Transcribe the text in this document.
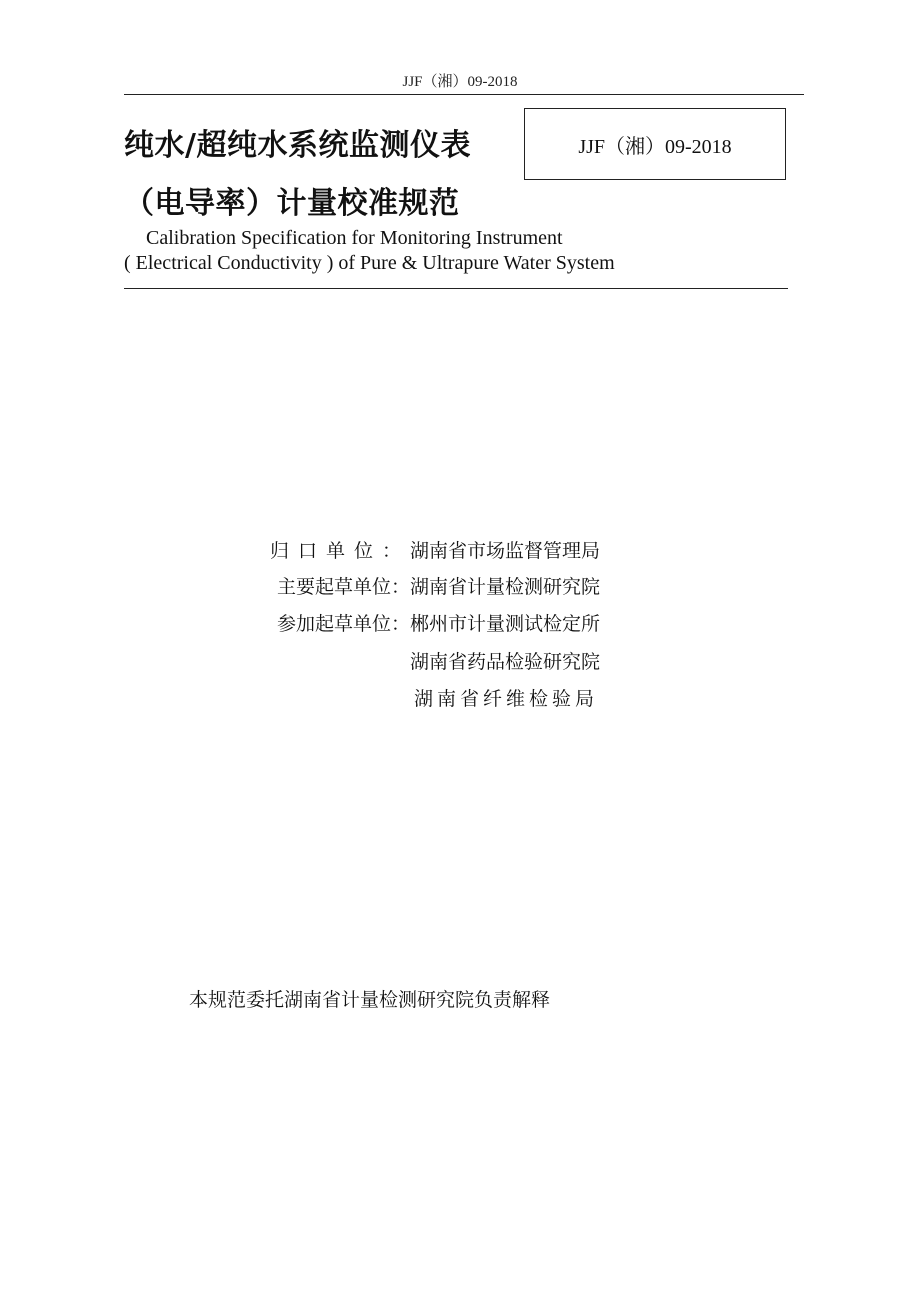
JJF（湘）09-2018
纯水/超纯水系统监测仪表
（电导率）计量校准规范
JJF（湘）09-2018
Calibration Specification for Monitoring Instrument
( Electrical Conductivity ) of Pure & Ultrapure Water System
归口单位：湖南省市场监督管理局
主要起草单位：湖南省计量检测研究院
参加起草单位：郴州市计量测试检定所
湖南省药品检验研究院
湖南省纤维检验局
本规范委托湖南省计量检测研究院负责解释
